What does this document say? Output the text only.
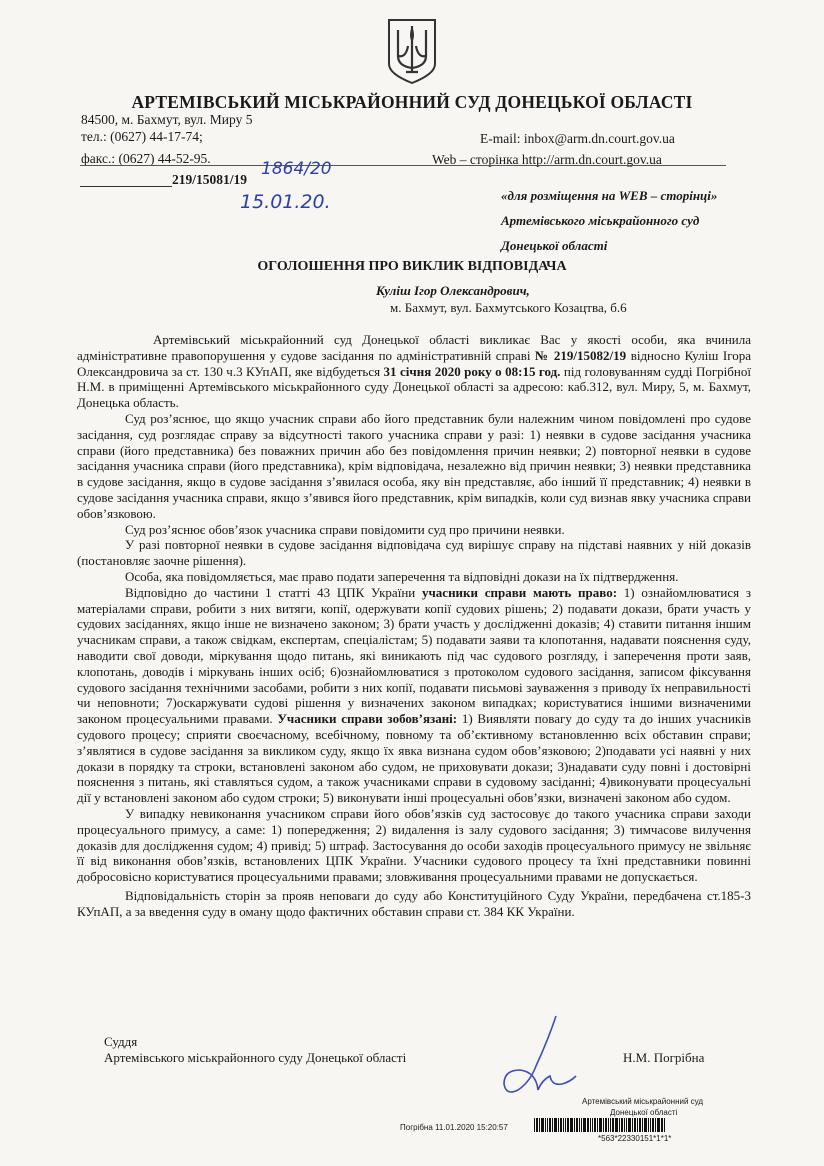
АРТЕМІВСЬКИЙ МІСЬКРАЙОННИЙ СУД ДОНЕЦЬКОЇ ОБЛАСТІ
84500, м. Бахмут, вул. Миру 5
тел.: (0627) 44-17-74;
факс.: (0627) 44-52-95.
E-mail: inbox@arm.dn.court.gov.ua
Web – сторінка http://arm.dn.court.gov.ua
219/15081/19
1864/20
15.01.20.	«для розміщення на WEB – сторінці»
Артемівського міськрайонного суд
Донецької області
ОГОЛОШЕННЯ ПРО ВИКЛИК ВІДПОВІДАЧА
Куліш Ігор Олександрович,
м. Бахмут, вул. Бахмутського Козацтва, б.6

Артемівський міськрайонний суд Донецької області викликає Вас у якості особи, яка вчинила адміністративне правопорушення у судове засідання по адміністративній справі № 219/15082/19 відносно Куліш Ігора Олександровича за ст. 130 ч.3 КУпАП, яке відбудеться 31 січня 2020 року о 08:15 год. під головуванням судді Погрібної Н.М. в приміщенні Артемівського міськрайонного суду Донецької області за адресою: каб.312, вул. Миру, 5, м. Бахмут, Донецька область.

Суд роз’яснює, що якщо учасник справи або його представник були належним чином повідомлені про судове засідання, суд розглядає справу за відсутності такого учасника справи у разі: 1) неявки в судове засідання учасника справи (його представника) без поважних причин або без повідомлення причин неявки; 2) повторної неявки в судове засідання учасника справи (його представника), крім відповідача, незалежно від причин неявки; 3) неявки представника в судове засідання, якщо в судове засідання з’явилася особа, яку він представляє, або інший її представник; 4) неявки в судове засідання учасника справи, якщо з’явився його представник, крім випадків, коли суд визнав явку учасника справи обов’язковою.

Суд роз’яснює обов’язок учасника справи повідомити суд про причини неявки.

У разі повторної неявки в судове засідання відповідача суд вирішує справу на підставі наявних у ній доказів (постановляє заочне рішення).

Особа, яка повідомляється, має право подати заперечення та відповідні докази на їх підтвердження.

Відповідно до частини 1 статті 43 ЦПК України учасники справи мають право: 1) ознайомлюватися з матеріалами справи, робити з них витяги, копії, одержувати копії судових рішень; 2) подавати докази, брати участь у судових засіданнях, якщо інше не визначено законом; 3) брати участь у дослідженні доказів; 4) ставити питання іншим учасникам справи, а також свідкам, експертам, спеціалістам; 5) подавати заяви та клопотання, надавати пояснення суду, наводити свої доводи, міркування щодо питань, які виникають під час судового розгляду, і заперечення проти заяв, клопотань, доводів і міркувань інших осіб; 6)ознайомлюватися з протоколом судового засідання, записом фіксування судового засідання технічними засобами, робити з них копії, подавати письмові зауваження з приводу їх неправильності чи неповноти; 7)оскаржувати судові рішення у визначених законом випадках; користуватися іншими визначеними законом процесуальними правами. Учасники справи зобов’язані: 1) Виявляти повагу до суду та до інших учасників судового процесу; сприяти своєчасному, всебічному, повному та об’єктивному встановленню всіх обставин справи; з’являтися в судове засідання за викликом суду, якщо їх явка визнана судом обов’язковою; 2)подавати усі наявні у них докази в порядку та строки, встановлені законом або судом, не приховувати докази; 3)надавати суду повні і достовірні пояснення з питань, які ставляться судом, а також учасниками справи в судовому засіданні; 4)виконувати процесуальні дії у встановлені законом або судом строки; 5) виконувати інші процесуальні обов’язки, визначені законом або судом.

У випадку невиконання учасником справи його обов’язків суд застосовує до такого учасника справи заходи процесуального примусу, а саме: 1) попередження; 2) видалення із залу судового засідання; 3) тимчасове вилучення доказів для дослідження судом; 4) привід; 5) штраф. Застосування до особи заходів процесуального примусу не звільняє її від виконання обов’язків, встановлених ЦПК України. Учасники судового процесу та їхні представники повинні добросовісно користуватися процесуальними правами; зловживання процесуальними правами не допускається.

Відповідальність сторін за прояв неповаги до суду або Конституційного Суду України, передбачена ст.185-3 КУпАП, а за введення суду в оману щодо фактичних обставин справи ст. 384 КК України.

Суддя
Артемівського міськрайонного суду Донецької області	Н.М. Погрібна
Артемівський міськрайонний суд
Донецької області
Погрібна 11.01.2020 15:20:57
*563*22330151*1*1*
